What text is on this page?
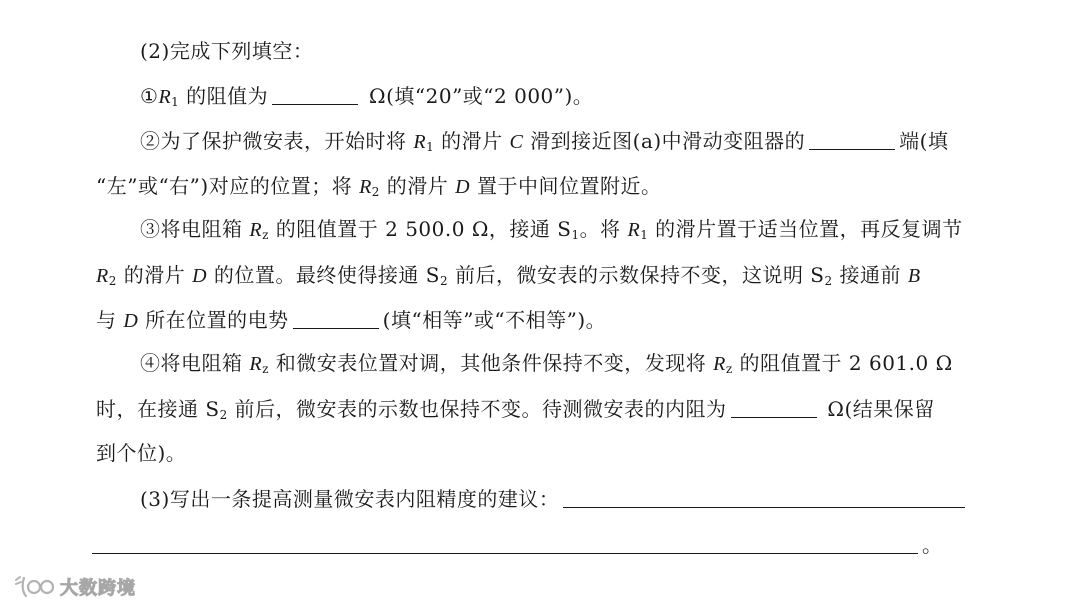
(2)完成下列填空：
$①R_1$ 的阻值为	Ω(填“20”或“2 000”)。
②为了保护微安表，开始时将 $R_1$ 的滑片 C 滑到接近图(a)中滑动变阻器的	端(填
“左”或“右”)对应的位置；将 $R_2$ 的滑片 D 置于中间位置附近。
③将电阻箱 $R_z$ 的阻值置于 2 500.0 Ω，接通 $S_1$。将 $R_1$ 的滑片置于适当位置，再反复调节
$R_2$ 的滑片 D 的位置。最终使得接通 $S_2$ 前后，微安表的示数保持不变，这说明 $S_2$ 接通前 B
与 D 所在位置的电势	(填“相等”或“不相等”)。
④将电阻箱 $R_z$ 和微安表位置对调，其他条件保持不变，发现将 $R_z$ 的阻值置于 2 601.0 Ω
时，在接通 $S_2$ 前后，微安表的示数也保持不变。待测微安表的内阻为	Ω(结果保留
到个位)。
(3)写出一条提高测量微安表内阻精度的建议：
。
大数跨境
